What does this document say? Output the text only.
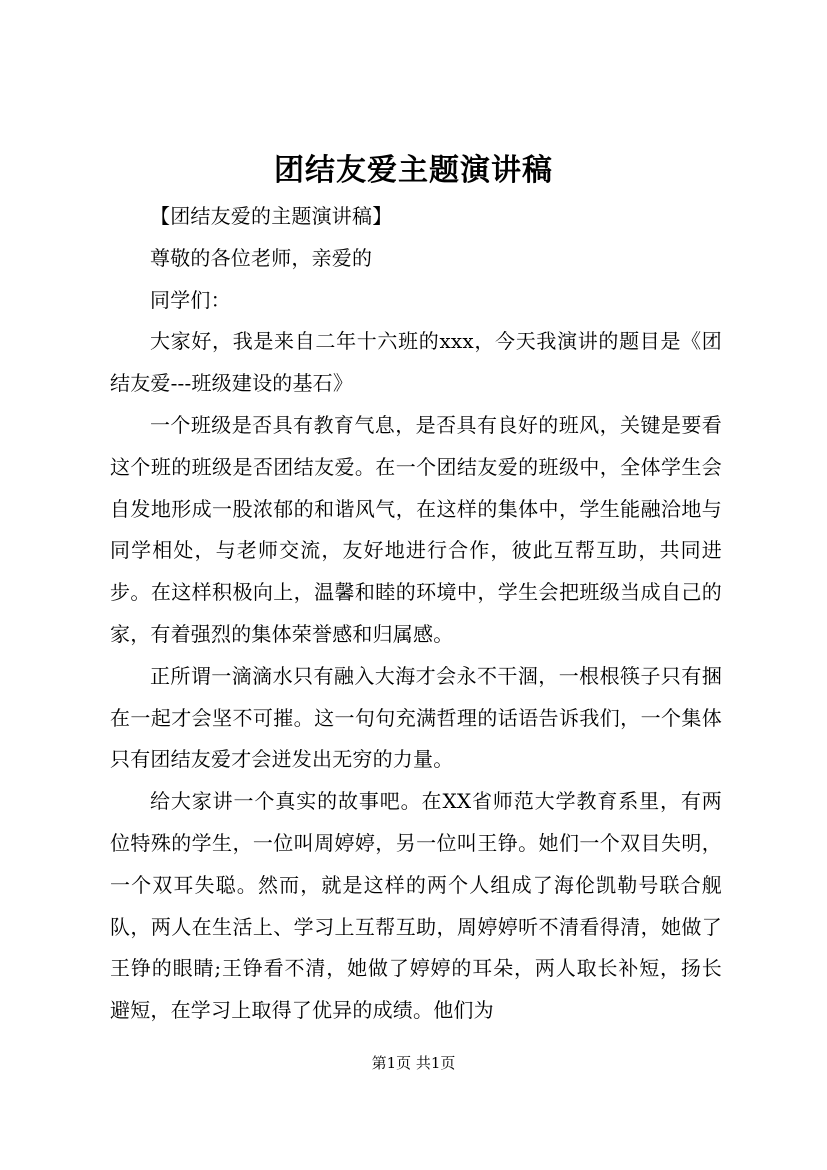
团结友爱主题演讲稿

【团结友爱的主题演讲稿】

尊敬的各位老师，亲爱的

同学们：

大家好，我是来自二年十六班的xxx，今天我演讲的题目是《团结友爱---班级建设的基石》

一个班级是否具有教育气息，是否具有良好的班风，关键是要看这个班的班级是否团结友爱。在一个团结友爱的班级中，全体学生会自发地形成一股浓郁的和谐风气，在这样的集体中，学生能融洽地与同学相处，与老师交流，友好地进行合作，彼此互帮互助，共同进步。在这样积极向上，温馨和睦的环境中，学生会把班级当成自己的家，有着强烈的集体荣誉感和归属感。

正所谓一滴滴水只有融入大海才会永不干涸，一根根筷子只有捆在一起才会坚不可摧。这一句句充满哲理的话语告诉我们，一个集体只有团结友爱才会迸发出无穷的力量。

给大家讲一个真实的故事吧。在XX省师范大学教育系里，有两位特殊的学生，一位叫周婷婷，另一位叫王铮。她们一个双目失明，一个双耳失聪。然而，就是这样的两个人组成了海伦凯勒号联合舰队，两人在生活上、学习上互帮互助，周婷婷听不清看得清，她做了王铮的眼睛;王铮看不清，她做了婷婷的耳朵，两人取长补短，扬长避短，在学习上取得了优异的成绩。他们为

第1页 共1页
